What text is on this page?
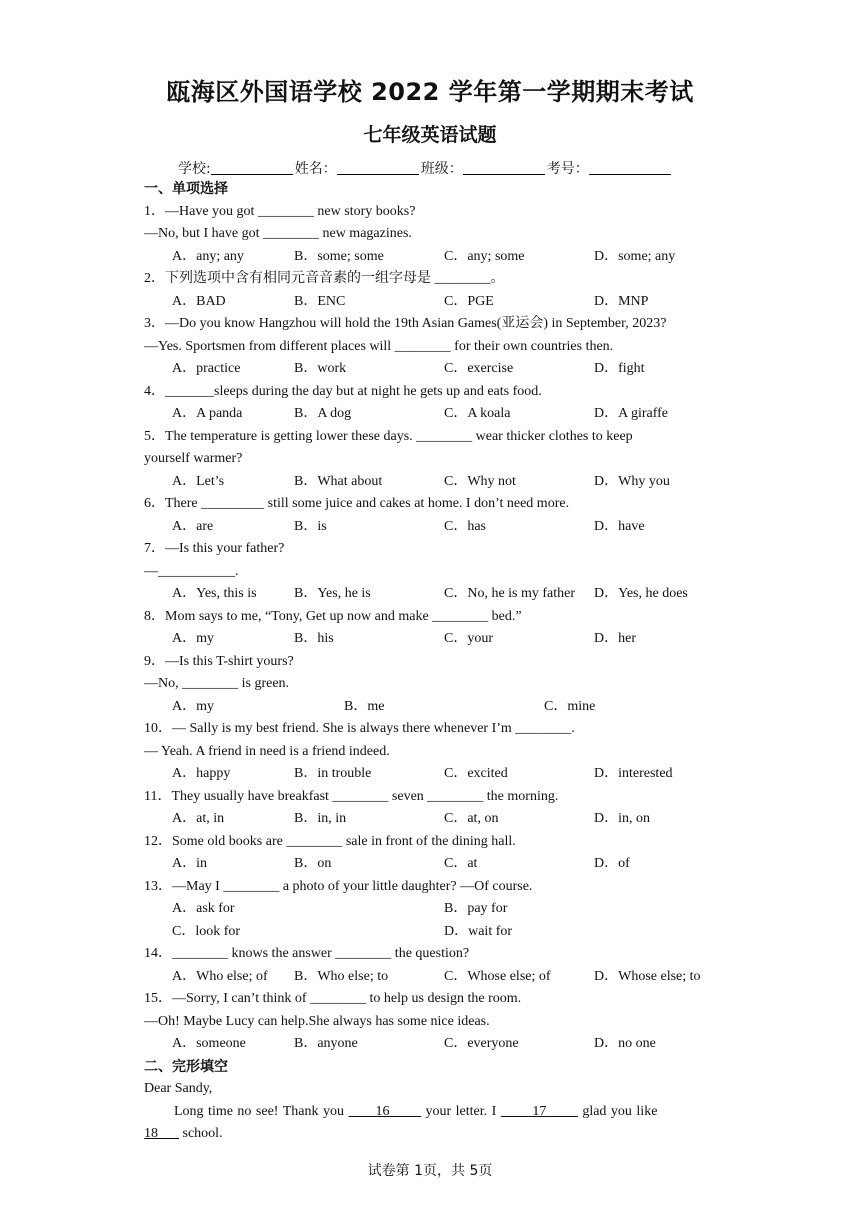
瓯海区外国语学校 2022 学年第一学期期末考试
七年级英语试题
学校:	姓名：	班级：	考号：
一、单项选择
1．—Have you got ________ new story books?
—No, but I have got ________ new magazines.
A．any; any	B．some; some	C．any; some	D．some; any
2．下列选项中含有相同元音音素的一组字母是 ________。
A．BAD	B．ENC	C．PGE	D．MNP
3．—Do you know Hangzhou will hold the 19th Asian Games(亚运会) in September, 2023?
—Yes. Sportsmen from different places will ________ for their own countries then.
A．practice	B．work	C．exercise	D．fight
4．_______sleeps during the day but at night he gets up and eats food.
A．A panda	B．A dog	C．A koala	D．A giraffe
5．The temperature is getting lower these days. ________ wear thicker clothes to keep
yourself warmer?
A．Let’s	B．What about	C．Why not	D．Why you
6．There _________ still some juice and cakes at home. I don’t need more.
A．are	B．is	C．has	D．have
7．—Is this your father?
—___________.
A．Yes, this is	B．Yes, he is	C．No, he is my father D．Yes, he does
8．Mom says to me, “Tony, Get up now and make ________ bed.”
A．my	B．his	C．your	D．her
9．—Is this T-shirt yours?
—No, ________ is green.
A．my	B．me	C．mine
10．— Sally is my best friend. She is always there whenever I’m ________.
— Yeah. A friend in need is a friend indeed.
A．happy	B．in trouble	C．excited	D．interested
11．They usually have breakfast ________ seven ________ the morning.
A．at, in	B．in, in	C．at, on	D．in, on
12．Some old books are ________ sale in front of the dining hall.
A．in	B．on	C．at	D．of
13．—May I ________ a photo of your little daughter? —Of course.
A．ask for	B．pay for
C．look for	D．wait for
14．________ knows the answer ________ the question?
A．Who else; of B．Who else; to	C．Whose else; of	D．Whose else; to
15．—Sorry, I can’t think of ________ to help us design the room.
—Oh! Maybe Lucy can help.She always has some nice ideas.
A．someone	B．anyone	C．everyone	D．no one
二、完形填空
Dear Sandy,
Long time no see! Thank you 16	your letter. I	17	glad you like
18 school.
试卷第 1页，共 5页
